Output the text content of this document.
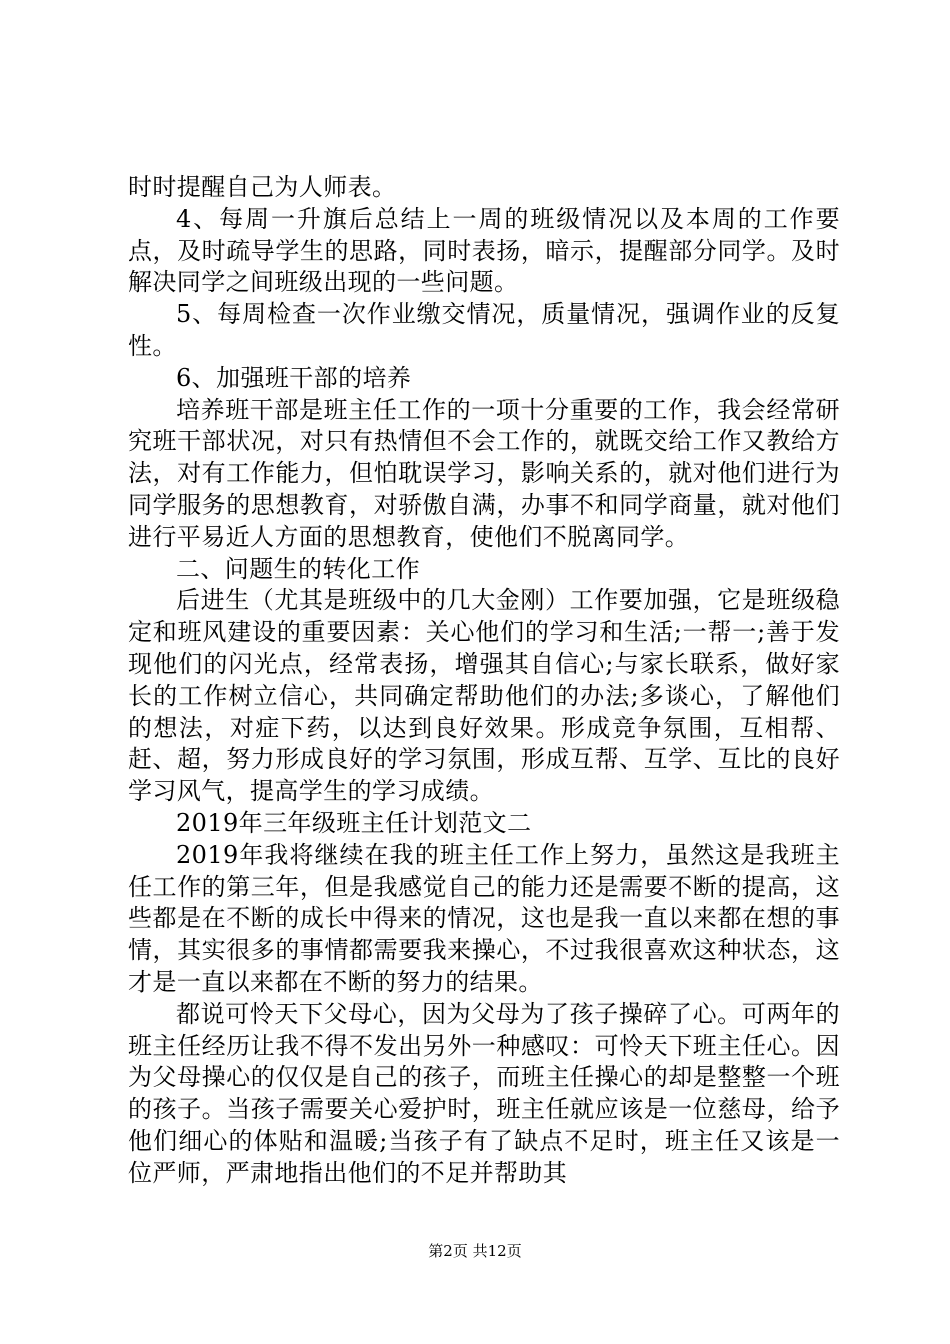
时时提醒自己为人师表。

4、每周一升旗后总结上一周的班级情况以及本周的工作要点，及时疏导学生的思路，同时表扬，暗示，提醒部分同学。及时解决同学之间班级出现的一些问题。

5、每周检查一次作业缴交情况，质量情况，强调作业的反复性。

6、加强班干部的培养

培养班干部是班主任工作的一项十分重要的工作，我会经常研究班干部状况，对只有热情但不会工作的，就既交给工作又教给方法，对有工作能力，但怕耽误学习，影响关系的，就对他们进行为同学服务的思想教育，对骄傲自满，办事不和同学商量，就对他们进行平易近人方面的思想教育，使他们不脱离同学。

二、问题生的转化工作

后进生（尤其是班级中的几大金刚）工作要加强，它是班级稳定和班风建设的重要因素：关心他们的学习和生活;一帮一;善于发现他们的闪光点，经常表扬，增强其自信心;与家长联系，做好家长的工作树立信心，共同确定帮助他们的办法;多谈心，了解他们的想法，对症下药，以达到良好效果。形成竞争氛围，互相帮、赶、超，努力形成良好的学习氛围，形成互帮、互学、互比的良好学习风气，提高学生的学习成绩。

2019年三年级班主任计划范文二

2019年我将继续在我的班主任工作上努力，虽然这是我班主任工作的第三年，但是我感觉自己的能力还是需要不断的提高，这些都是在不断的成长中得来的情况，这也是我一直以来都在想的事情，其实很多的事情都需要我来操心，不过我很喜欢这种状态，这才是一直以来都在不断的努力的结果。

都说可怜天下父母心，因为父母为了孩子操碎了心。可两年的班主任经历让我不得不发出另外一种感叹：可怜天下班主任心。因为父母操心的仅仅是自己的孩子，而班主任操心的却是整整一个班的孩子。当孩子需要关心爱护时，班主任就应该是一位慈母，给予他们细心的体贴和温暖;当孩子有了缺点不足时，班主任又该是一位严师，严肃地指出他们的不足并帮助其

第2页 共12页
